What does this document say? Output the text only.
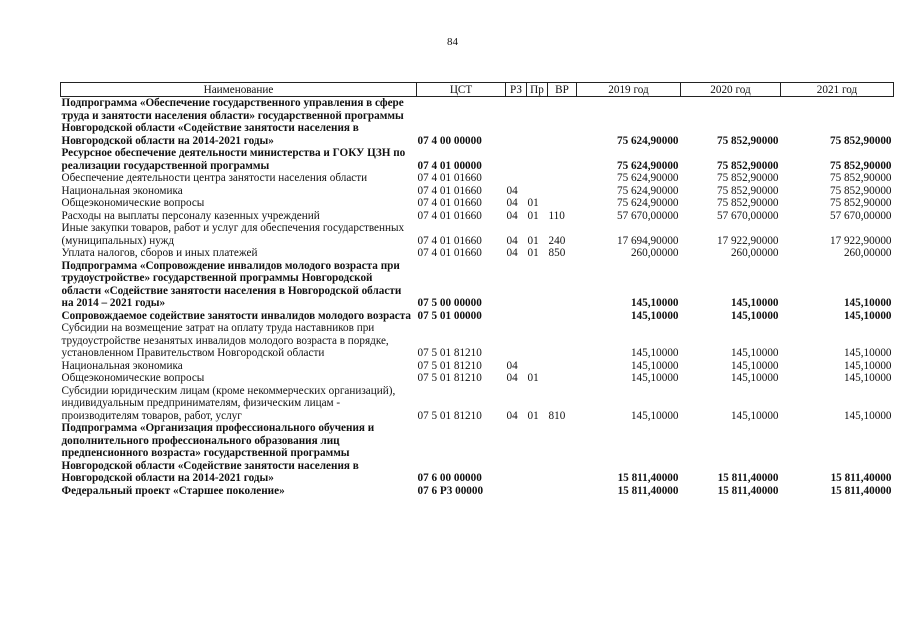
84
Наименование	ЦСТ	РЗ	Пр	ВР	2019 год	2020 год	2021 год
Подпрограмма «Обеспечение государственного управления в сфере труда и занятости населения области» государственной программы Новгородской области «Содействие занятости населения в Новгородской области на 2014-2021 годы»	07 4 00 00000				75 624,90000	75 852,90000	75 852,90000
Ресурсное обеспечение деятельности министерства и ГОКУ ЦЗН по реализации государственной программы	07 4 01 00000				75 624,90000	75 852,90000	75 852,90000
Обеспечение деятельности центра занятости населения области	07 4 01 01660				75 624,90000	75 852,90000	75 852,90000
Национальная экономика	07 4 01 01660	04			75 624,90000	75 852,90000	75 852,90000
Общеэкономические вопросы	07 4 01 01660	04	01		75 624,90000	75 852,90000	75 852,90000
Расходы на выплаты персоналу казенных учреждений	07 4 01 01660	04	01	110	57 670,00000	57 670,00000	57 670,00000
Иные закупки товаров, работ и услуг для обеспечения государственных (муниципальных) нужд	07 4 01 01660	04	01	240	17 694,90000	17 922,90000	17 922,90000
Уплата налогов, сборов и иных платежей	07 4 01 01660	04	01	850	260,00000	260,00000	260,00000
Подпрограмма «Сопровождение инвалидов молодого возраста при трудоустройстве» государственной программы Новгородской области «Содействие занятости населения в Новгородской области на 2014 – 2021 годы»	07 5 00 00000				145,10000	145,10000	145,10000
Сопровождаемое содействие занятости инвалидов молодого возраста	07 5 01 00000				145,10000	145,10000	145,10000
Субсидии на возмещение затрат на оплату труда наставников при трудоустройстве незанятых инвалидов молодого возраста в порядке, установленном Правительством Новгородской области	07 5 01 81210				145,10000	145,10000	145,10000
Национальная экономика	07 5 01 81210	04			145,10000	145,10000	145,10000
Общеэкономические вопросы	07 5 01 81210	04	01		145,10000	145,10000	145,10000
Субсидии юридическим лицам (кроме некоммерческих организаций), индивидуальным предпринимателям, физическим лицам - производителям товаров, работ, услуг	07 5 01 81210	04	01	810	145,10000	145,10000	145,10000
Подпрограмма «Организация профессионального обучения и дополнительного профессионального образования лиц предпенсионного возраста» государственной программы Новгородской области «Содействие занятости населения в Новгородской области на 2014-2021 годы»	07 6 00 00000				15 811,40000	15 811,40000	15 811,40000
Федеральный проект «Старшее поколение»	07 6 P3 00000				15 811,40000	15 811,40000	15 811,40000
